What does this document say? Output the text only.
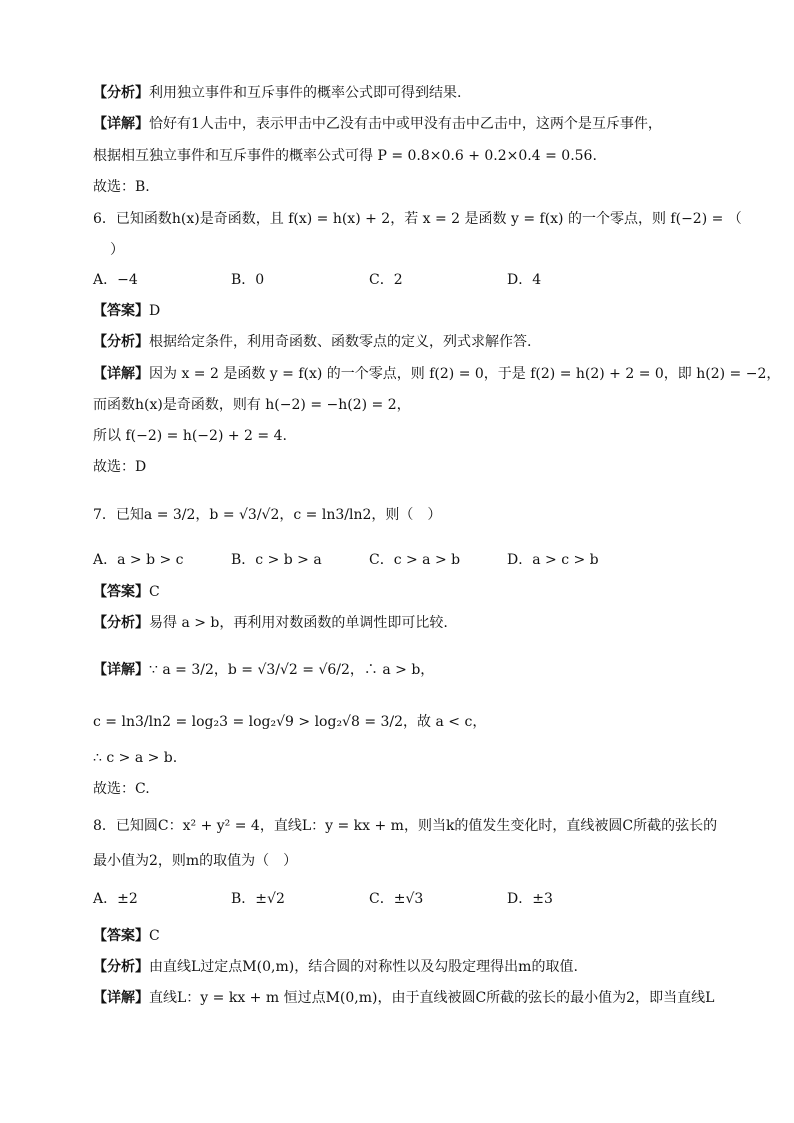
【分析】利用独立事件和互斥事件的概率公式即可得到结果.
【详解】恰好有1人击中，表示甲击中乙没有击中或甲没有击中乙击中，这两个是互斥事件，
根据相互独立事件和互斥事件的概率公式可得 P = 0.8×0.6 + 0.2×0.4 = 0.56.
故选：B.
6．已知函数h(x)是奇函数，且 f(x) = h(x) + 2，若 x = 2 是函数 y = f(x) 的一个零点，则 f(−2) = （
）
A．−4	B．0	C．2	D．4
【答案】D
【分析】根据给定条件，利用奇函数、函数零点的定义，列式求解作答.
【详解】因为 x = 2 是函数 y = f(x) 的一个零点，则 f(2) = 0，于是 f(2) = h(2) + 2 = 0，即 h(2) = −2，
而函数h(x)是奇函数，则有 h(−2) = −h(2) = 2，
所以 f(−2) = h(−2) + 2 = 4.
故选：D
7．已知a = 3/2，b = √3/√2，c = ln3/ln2，则（　）
A．a > b > c	B．c > b > a	C．c > a > b	D．a > c > b
【答案】C
【分析】易得 a > b，再利用对数函数的单调性即可比较.
【详解】∵ a = 3/2，b = √3/√2 = √6/2，∴ a > b，
c = ln3/ln2 = log₂3 = log₂√9 > log₂√8 = 3/2，故 a < c，
∴ c > a > b.
故选：C.
8．已知圆C：x² + y² = 4，直线L：y = kx + m，则当k的值发生变化时，直线被圆C所截的弦长的
最小值为2，则m的取值为（　）
A．±2	B．±√2	C．±√3	D．±3
【答案】C
【分析】由直线L过定点M(0,m)，结合圆的对称性以及勾股定理得出m的取值.
【详解】直线L：y = kx + m 恒过点M(0,m)，由于直线被圆C所截的弦长的最小值为2，即当直线L
